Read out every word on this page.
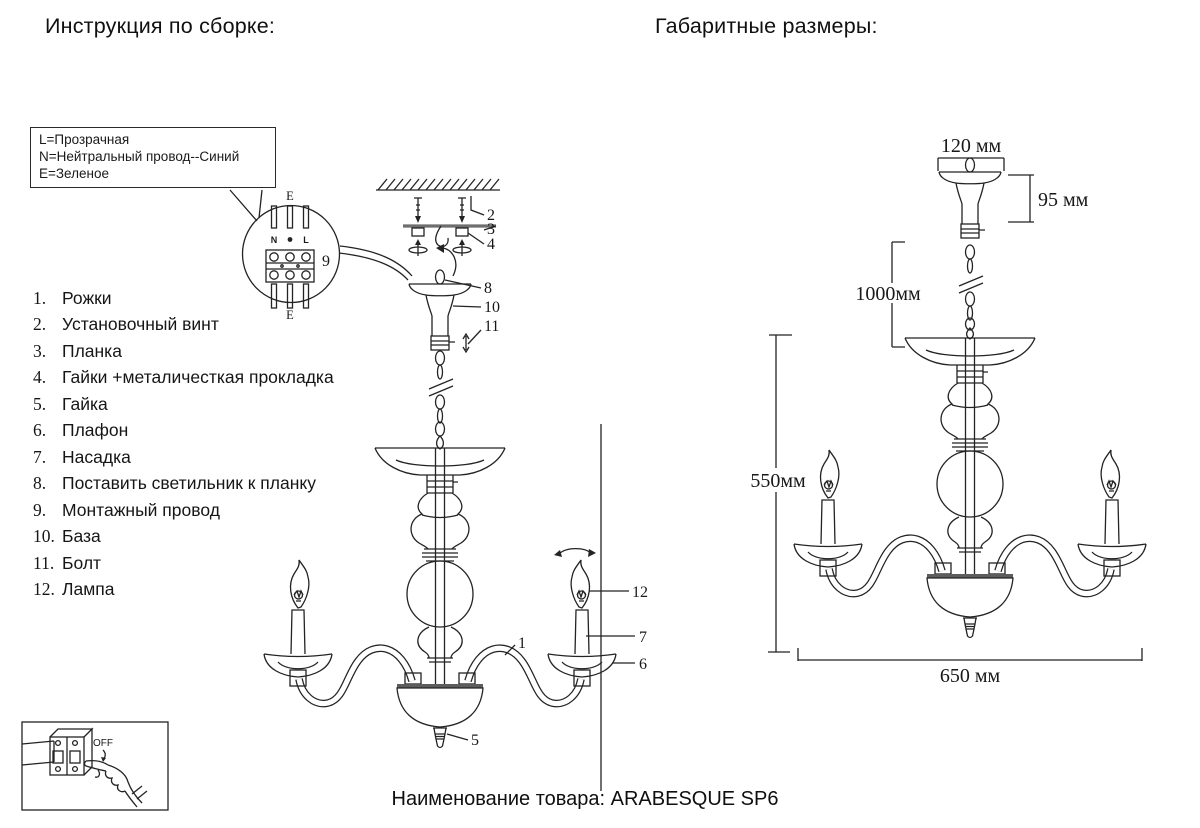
Инструкция по сборке:	Габаритные размеры:
L=Прозрачная
N=Нейтральный провод--Синий
E=Зеленое
1. Рожки
2. Установочный винт
3. Планка
4. Гайки +металичесткая прокладка
5. Гайка
6. Плафон
7. Насадка
8. Поставить светильник к планку
9. Монтажный провод
10. База
11. Болт
12. Лампа
E
N	L
9
E
2
3
4
8
10
11
1
5
12
7
6
120 мм
95 мм
1000мм
550мм
650 мм
OFF
Наименование товара: ARABESQUE SP6
